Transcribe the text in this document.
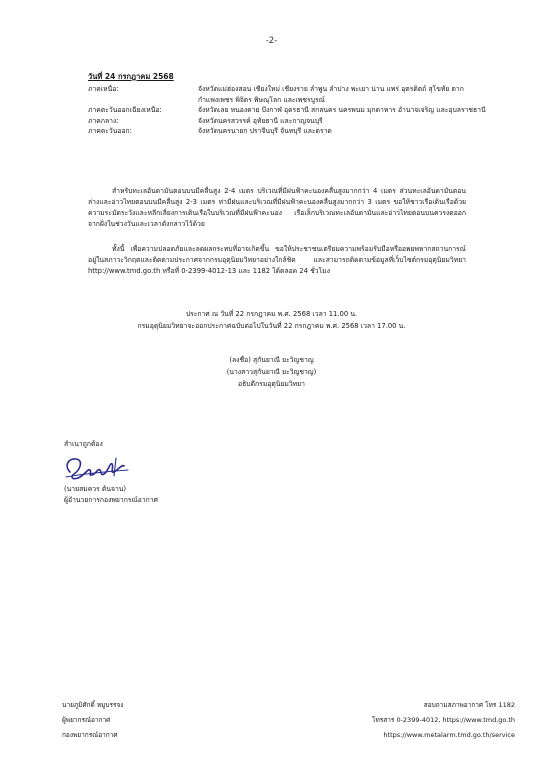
-2-
วันที่ 24 กรกฎาคม 2568
ภาคเหนือ:	จังหวัดแม่ฮ่องสอน เชียงใหม่ เชียงราย ลำพูน ลำปาง พะเยา น่าน แพร่ อุตรดิตถ์ สุโขทัย ตาก กำแพงเพชร พิจิตร พิษณุโลก และเพชรบูรณ์
ภาคตะวันออกเฉียงเหนือ:	จังหวัดเลย หนองคาย บึงกาฬ อุดรธานี สกลนคร นครพนม มุกดาหาร อำนาจเจริญ และอุบลราชธานี
ภาคกลาง:	จังหวัดนครสวรรค์ อุทัยธานี และกาญจนบุรี
ภาคตะวันออก:	จังหวัดนครนายก ปราจีนบุรี จันทบุรี และตราด
สำหรับทะเลอันดามันตอนบนมีคลื่นสูง 2-4 เมตร บริเวณที่มีฝนฟ้าคะนองคลื่นสูงมากกว่า 4 เมตร ส่วนทะเลอันดามันตอนล่างและอ่าวไทยตอนบนมีคลื่นสูง 2-3 เมตร ท่ามีฝนและบริเวณที่มีฝนฟ้าคะนองคลื่นสูงมากกว่า 3 เมตร ขอให้ชาวเรือเดินเรือด้วยความระมัดระวังและหลีกเลี่ยงการเดินเรือในบริเวณที่มีฝนฟ้าคะนอง เรือเล็กบริเวณทะเลอันดามันและอ่าวไทยตอนบนควรงดออกจากฝั่งในช่วงวันและเวลาดังกล่าวไว้ด้วย
ทั้งนี้ เพื่อความปลอดภัยและลดผลกระทบที่อาจเกิดขึ้น ขอให้ประชาชนเตรียมความพร้อมรับมือหรืออพยพหากสถานการณ์อยู่ในสภาวะวิกฤตและติดตามประกาศจากกรมอุตุนิยมวิทยาอย่างใกล้ชิด และสามารถติดตามข้อมูลที่เว็บไซต์กรมอุตุนิยมวิทยา http://www.tmd.go.th หรือที่ 0-2399-4012-13 และ 1182 ได้ตลอด 24 ชั่วโมง
ประกาศ ณ วันที่ 22 กรกฎาคม พ.ศ. 2568 เวลา 11.00 น.
กรมอุตุนิยมวิทยาจะออกประกาศฉบับต่อไปในวันที่ 22 กรกฎาคม พ.ศ. 2568 เวลา 17.00 น.
(ลงชื่อ) สุกันยาณี ยะวิญชาญ
(นางสาวสุกันยาณี ยะวิญชาญ)
อธิบดีกรมอุตุนิยมวิทยา
สำเนาถูกต้อง
(นายสมควร ต้นจาน)
ผู้อำนวยการกองพยากรณ์อากาศ
นายภูมิศักดิ์ หมูบรรจง
ผู้พยากรณ์อากาศ
กองพยากรณ์อากาศ
สอบถามสภาพอากาศ โทร 1182
โทรสาร 0-2399-4012, https://www.tmd.go.th
https://www.metalarm.tmd.go.th/service
